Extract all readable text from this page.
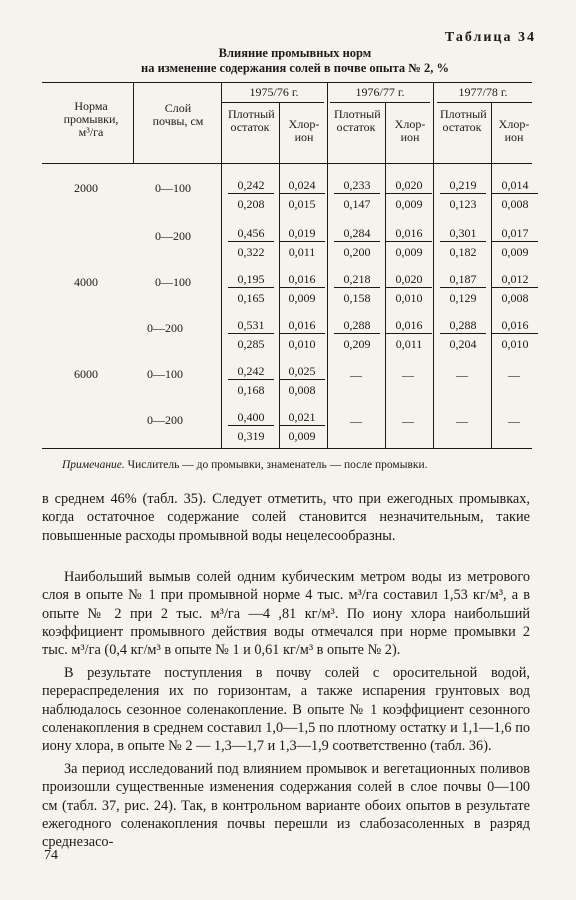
Таблица 34
Влияние промывных норм
на изменение содержания солей в почве опыта № 2, %
Норма промывки, м³/га
Слой почвы, см
1975/76 г.	1976/77 г.	1977/78 г.
Плотный остаток	Хлор-ион
Плотный остаток	Хлор-ион
Плотный остаток	Хлор-ион
2000	0—100	$\frac{0,242}{0,208} \frac{0,024}{0,015} \frac{0,233}{0,147} \frac{0,020}{0,009} \frac{0,219}{0,123} \frac{0,014}{0,008}$
0—200	$\frac{0,456}{0,322} \frac{0,019}{0,011} \frac{0,284}{0,200} \frac{0,016}{0,009} \frac{0,301}{0,182} \frac{0,017}{0,009}$
4000	0—100	$\frac{0,195}{0,165} \frac{0,016}{0,009} \frac{0,218}{0,158} \frac{0,020}{0,010} \frac{0,187}{0,129} \frac{0,012}{0,008}$
0—200	$\frac{0,531}{0,285} \frac{0,016}{0,010} \frac{0,288}{0,209} \frac{0,016}{0,011} \frac{0,288}{0,204} \frac{0,016}{0,010}$
6000	0—100	$\frac{0,242}{0,168} \frac{0,025}{0,008}$	—	—	—	—
0—200	$\frac{0,400}{0,319} \frac{0,021}{0,009}$	—	—	—	—
Примечание. Числитель — до промывки, знаменатель — после промывки.

в среднем 46% (табл. 35). Следует отметить, что при ежегодных промывках, когда остаточное содержание солей становится незначительным, такие повышенные расходы промывной воды нецелесообразны.

Наибольший вымыв солей одним кубическим метром воды из метрового слоя в опыте № 1 при промывной норме 4 тыс. м³/га составил 1,53 кг/м³, а в опыте № 2 при 2 тыс. м³/га —4 ,81 кг/м³. По иону хлора наибольший коэффициент промывного действия воды отмечался при норме промывки 2 тыс. м³/га (0,4 кг/м³ в опыте № 1 и 0,61 кг/м³ в опыте № 2).

В результате поступления в почву солей с оросительной водой, перераспределения их по горизонтам, а также испарения грунтовых вод наблюдалось сезонное соленакопление. В опыте № 1 коэффициент сезонного соленакопления в среднем составил 1,0—1,5 по плотному остатку и 1,1—1,6 по иону хлора, в опыте № 2 — 1,3—1,7 и 1,3—1,9 соответственно (табл. 36).

За период исследований под влиянием промывок и вегетационных поливов произошли существенные изменения содержания солей в слое почвы 0—100 см (табл. 37, рис. 24). Так, в контрольном варианте обоих опытов в результате ежегодного соленакопления почвы перешли из слабозасоленных в разряд среднезасо-

74
